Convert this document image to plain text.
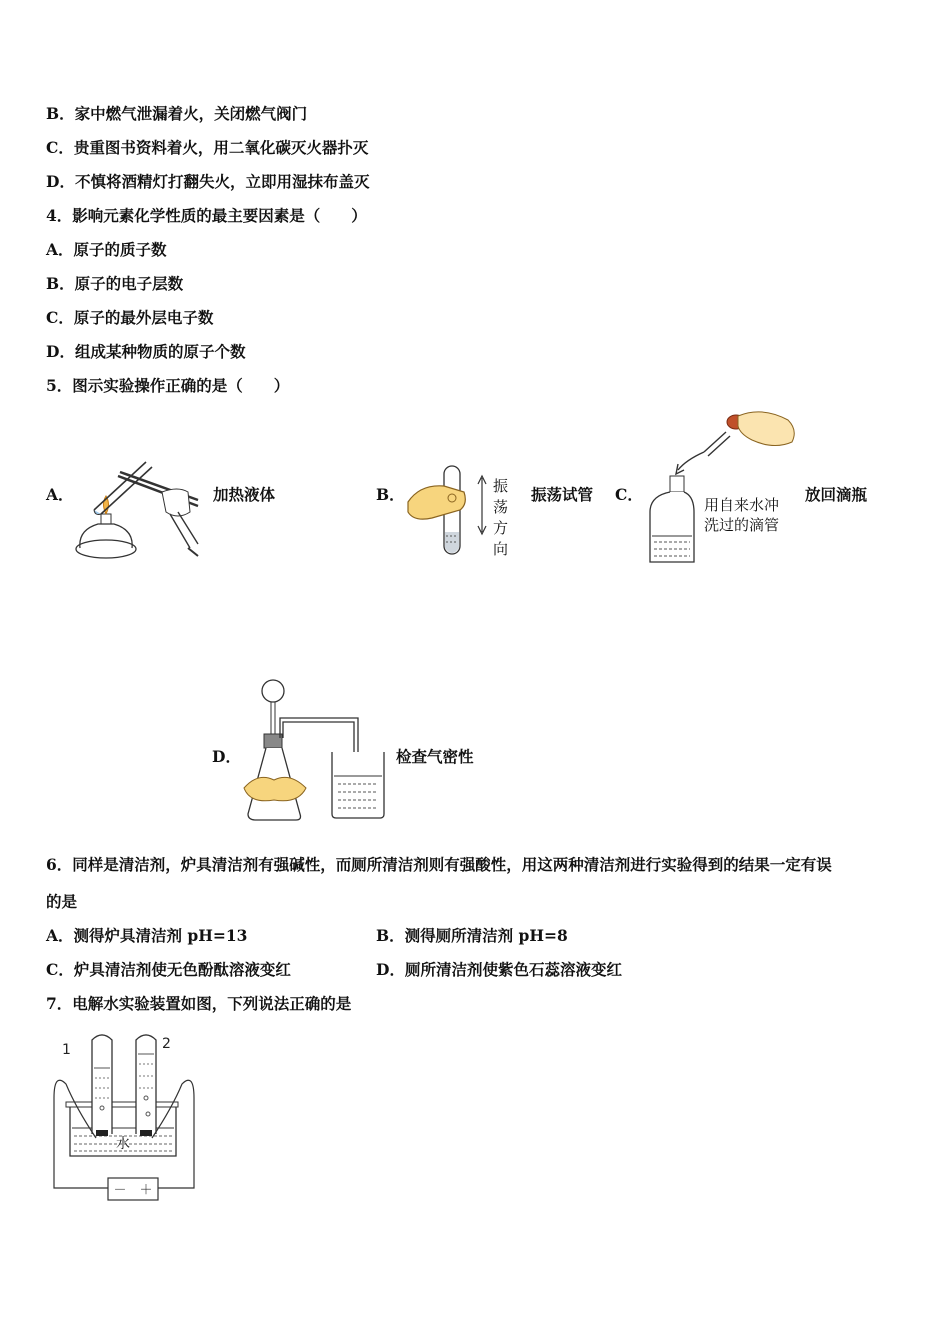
B．家中燃气泄漏着火，关闭燃气阀门
C．贵重图书资料着火，用二氧化碳灭火器扑灭
D．不慎将酒精灯打翻失火，立即用湿抹布盖灭
4．影响元素化学性质的最主要因素是（　　）
A．原子的质子数
B．原子的电子层数
C．原子的最外层电子数
D．组成某种物质的原子个数
5．图示实验操作正确的是（　　）
A．	加热液体	B．	振
荡
方
向
振荡试管 C．
用自来水冲
洗过的滴管
放回滴瓶
D．	检查气密性
6．同样是清洁剂，炉具清洁剂有强碱性，而厕所清洁剂则有强酸性，用这两种清洁剂进行实验得到的结果一定有误
的是
A．测得炉具清洁剂 pH=13	B．测得厕所清洁剂 pH=8
C．炉具清洁剂使无色酚酞溶液变红	D．厕所清洁剂使紫色石蕊溶液变红
7．电解水实验装置如图，下列说法正确的是
－　＋
水
1	2
